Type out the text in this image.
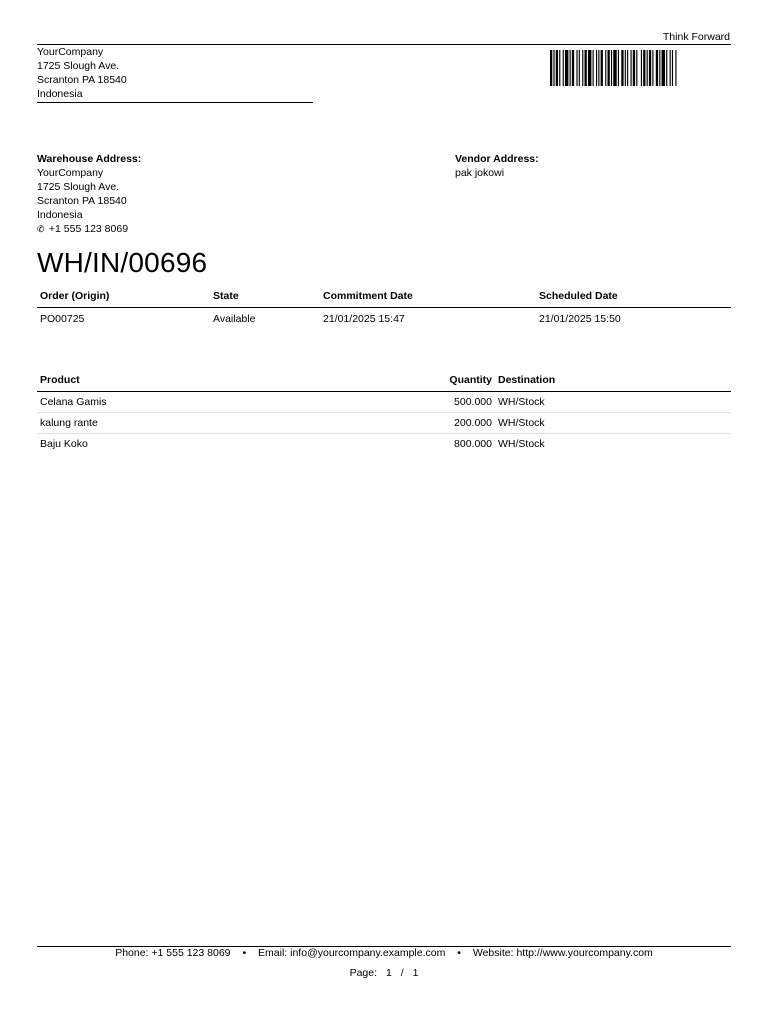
Think Forward
YourCompany
1725 Slough Ave.
Scranton PA 18540
Indonesia
Warehouse Address:
YourCompany
1725 Slough Ave.
Scranton PA 18540
Indonesia
✆ +1 555 123 8069
Vendor Address:
pak jokowi
WH/IN/00696
Order (Origin)	State	Commitment Date	Scheduled Date
PO00725	Available	21/01/2025 15:47	21/01/2025 15:50
Product	Quantity	Destination
Celana Gamis	500.000	WH/Stock
kalung rante	200.000	WH/Stock
Baju Koko	800.000	WH/Stock
Phone: +1 555 123 8069 • Email: info@yourcompany.example.com • Website: http://www.yourcompany.com
Page: 1 / 1
